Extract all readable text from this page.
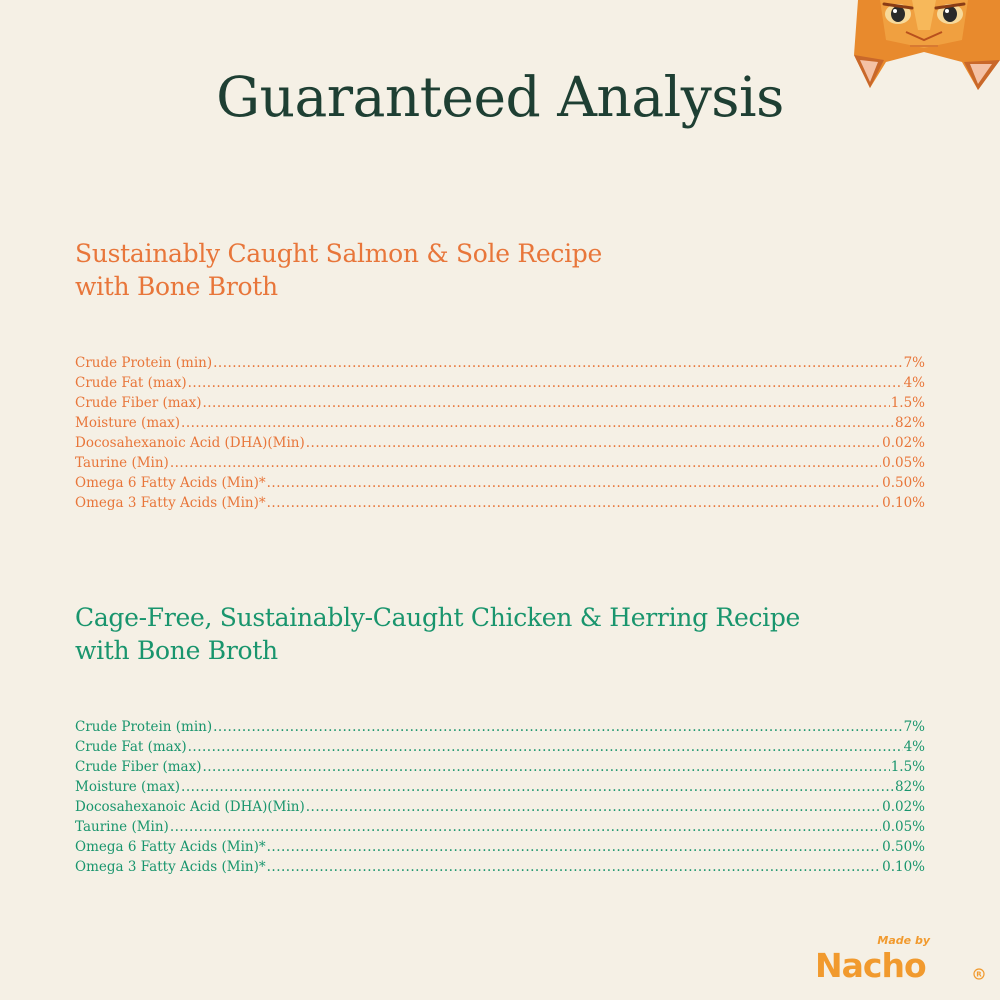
Guaranteed Analysis
Sustainably Caught Salmon & Sole Recipe
with Bone Broth
Crude Protein (min) .....	7%
Crude Fat (max) .....	4%
Crude Fiber (max) .....	1.5%
Moisture (max) .....	82%
Docosahexanoic Acid (DHA)(Min) .....	0.02%
Taurine (Min) .....	0.05%
Omega 6 Fatty Acids (Min)* .....	0.50%
Omega 3 Fatty Acids (Min)* .....	0.10%
Cage-Free, Sustainably-Caught Chicken & Herring Recipe
with Bone Broth
Crude Protein (min) .....	7%
Crude Fat (max) .....	4%
Crude Fiber (max) .....	1.5%
Moisture (max) .....	82%
Docosahexanoic Acid (DHA)(Min) .....	0.02%
Taurine (Min) .....	0.05%
Omega 6 Fatty Acids (Min)* .....	0.50%
Omega 3 Fatty Acids (Min)* .....	0.10%
Made by
Nacho	R
